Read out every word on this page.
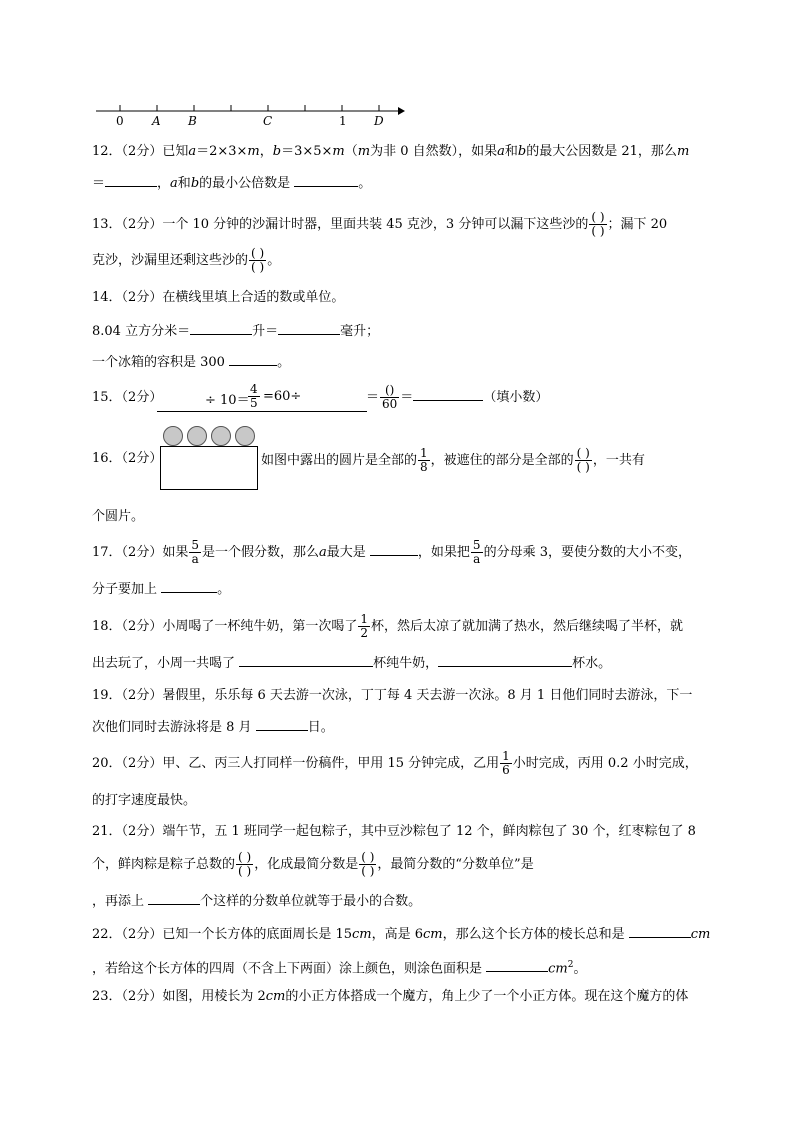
0 A B	C	1 D
12．（2分）已知a＝2×3×m，b＝3×5×m（m为非 0 自然数），如果a和b的最大公因数是 21，那么m
＝	，a和b的最小公倍数是	。
13．（2分）一个 10 分钟的沙漏计时器，里面共装 45 克沙，3 分钟可以漏下这些沙的 $\frac{( )}{( )}$ ；漏下 20
克沙，沙漏里还剩这些沙的 $\frac{( )}{( )}$ 。
14．（2分）在横线里填上合适的数或单位。
8.04 立方分米＝	升＝	毫升；
一个冰箱的容积是 300	。
15．（2分）	÷ 10＝
$\frac{4}{5} =60\div$	＝ $\frac{()}{60}$ ＝	（填小数）
16．（2分）	如图中露出的圆片是全部的 $\frac{1}{8}$ ，被遮住的部分是全部的 $\frac{( )}{( )}$ ，一共有
个圆片。
17．（2分）如果 $\frac{5}{a}$ 是一个假分数，那么a最大是	，如果把 $\frac{5}{a}$ 的分母乘 3，要使分数的大小不变，
分子要加上	。
18．（2分）小周喝了一杯纯牛奶，第一次喝了 $\frac{1}{2}$ 杯，然后太凉了就加满了热水，然后继续喝了半杯，就
出去玩了，小周一共喝了	杯纯牛奶，	杯水。
19．（2分）暑假里，乐乐每 6 天去游一次泳，丁丁每 4 天去游一次泳。8 月 1 日他们同时去游泳，下一
次他们同时去游泳将是 8 月	日。
20．（2分）甲、乙、丙三人打同样一份稿件，甲用 15 分钟完成，乙用 $\frac{1}{6}$ 小时完成，丙用 0.2 小时完成，
的打字速度最快。
21．（2分）端午节，五 1 班同学一起包粽子，其中豆沙粽包了 12 个，鲜肉粽包了 30 个，红枣粽包了 8
个，鲜肉粽是粽子总数的 $\frac{( )}{( )}$ ，化成最简分数是 $\frac{( )}{( )}$ ，最简分数的“分数单位”是
，再添上	个这样的分数单位就等于最小的合数。
22．（2分）已知一个长方体的底面周长是 15cm，高是 6cm，那么这个长方体的棱长总和是	cm
，若给这个长方体的四周（不含上下两面）涂上颜色，则涂色面积是	$cm^2$。
23．（2分）如图，用棱长为 2cm的小正方体搭成一个魔方，角上少了一个小正方体。现在这个魔方的体
